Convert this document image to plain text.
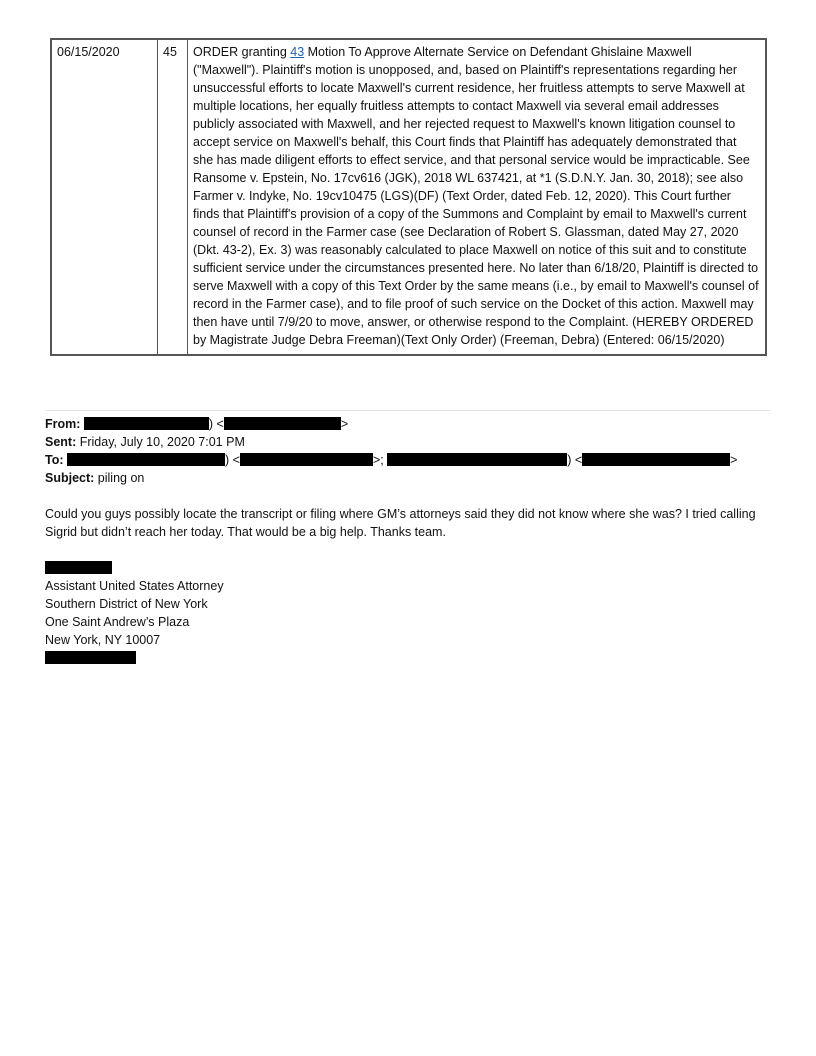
06/15/2020	45	ORDER granting 43 Motion To Approve Alternate Service on Defendant Ghislaine Maxwell ("Maxwell"). Plaintiff's motion is unopposed, and, based on Plaintiff's representations regarding her unsuccessful efforts to locate Maxwell's current residence, her fruitless attempts to serve Maxwell at multiple locations, her equally fruitless attempts to contact Maxwell via several email addresses publicly associated with Maxwell, and her rejected request to Maxwell's known litigation counsel to accept service on Maxwell's behalf, this Court finds that Plaintiff has adequately demonstrated that she has made diligent efforts to effect service, and that personal service would be impracticable. See Ransome v. Epstein, No. 17cv616 (JGK), 2018 WL 637421, at *1 (S.D.N.Y. Jan. 30, 2018); see also Farmer v. Indyke, No. 19cv10475 (LGS)(DF) (Text Order, dated Feb. 12, 2020). This Court further finds that Plaintiff's provision of a copy of the Summons and Complaint by email to Maxwell's current counsel of record in the Farmer case (see Declaration of Robert S. Glassman, dated May 27, 2020 (Dkt. 43-2), Ex. 3) was reasonably calculated to place Maxwell on notice of this suit and to constitute sufficient service under the circumstances presented here. No later than 6/18/20, Plaintiff is directed to serve Maxwell with a copy of this Text Order by the same means (i.e., by email to Maxwell's counsel of record in the Farmer case), and to file proof of such service on the Docket of this action. Maxwell may then have until 7/9/20 to move, answer, or otherwise respond to the Complaint. (HEREBY ORDERED by Magistrate Judge Debra Freeman)(Text Only Order) (Freeman, Debra) (Entered: 06/15/2020)
From:	) <	>
Sent: Friday, July 10, 2020 7:01 PM
To:	) <	>;	) <	>
Subject: piling on
Could you guys possibly locate the transcript or filing where GM’s attorneys said they did not know where she was? I tried calling Sigrid but didn’t reach her today. That would be a big help. Thanks team.
Assistant United States Attorney
Southern District of New York
One Saint Andrew’s Plaza
New York, NY 10007
